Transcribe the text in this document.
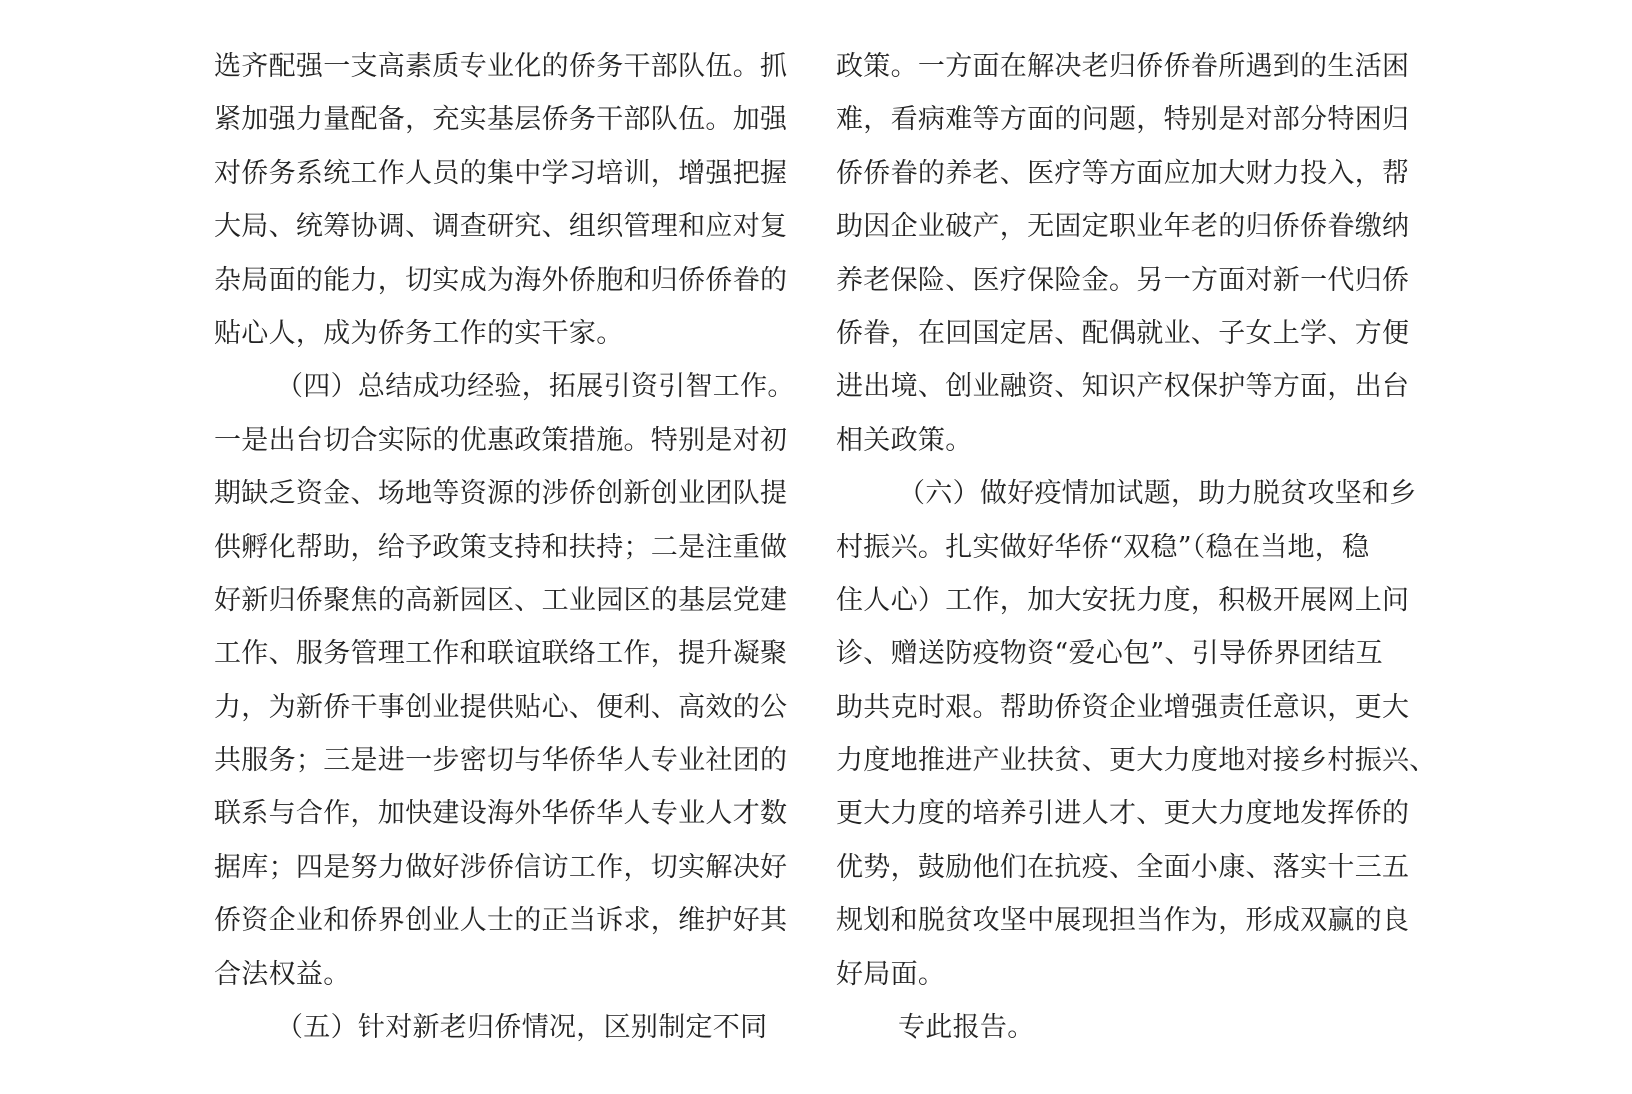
选齐配强一支高素质专业化的侨务干部队伍。抓
紧加强力量配备，充实基层侨务干部队伍。加强
对侨务系统工作人员的集中学习培训，增强把握
大局、统筹协调、调查研究、组织管理和应对复
杂局面的能力，切实成为海外侨胞和归侨侨眷的
贴心人，成为侨务工作的实干家。
（四）总结成功经验，拓展引资引智工作。
一是出台切合实际的优惠政策措施。特别是对初
期缺乏资金、场地等资源的涉侨创新创业团队提
供孵化帮助，给予政策支持和扶持；二是注重做
好新归侨聚焦的高新园区、工业园区的基层党建
工作、服务管理工作和联谊联络工作，提升凝聚
力，为新侨干事创业提供贴心、便利、高效的公
共服务；三是进一步密切与华侨华人专业社团的
联系与合作，加快建设海外华侨华人专业人才数
据库；四是努力做好涉侨信访工作，切实解决好
侨资企业和侨界创业人士的正当诉求，维护好其
合法权益。
（五）针对新老归侨情况，区别制定不同
政策。一方面在解决老归侨侨眷所遇到的生活困
难，看病难等方面的问题，特别是对部分特困归
侨侨眷的养老、医疗等方面应加大财力投入，帮
助因企业破产，无固定职业年老的归侨侨眷缴纳
养老保险、医疗保险金。另一方面对新一代归侨
侨眷，在回国定居、配偶就业、子女上学、方便
进出境、创业融资、知识产权保护等方面，出台
相关政策。
（六）做好疫情加试题，助力脱贫攻坚和乡
村振兴。扎实做好华侨“双稳”（稳在当地，稳
住人心）工作，加大安抚力度，积极开展网上问
诊、赠送防疫物资“爱心包”、引导侨界团结互
助共克时艰。帮助侨资企业增强责任意识，更大
力度地推进产业扶贫、更大力度地对接乡村振兴、
更大力度的培养引进人才、更大力度地发挥侨的
优势，鼓励他们在抗疫、全面小康、落实十三五
规划和脱贫攻坚中展现担当作为，形成双赢的良
好局面。
专此报告。
